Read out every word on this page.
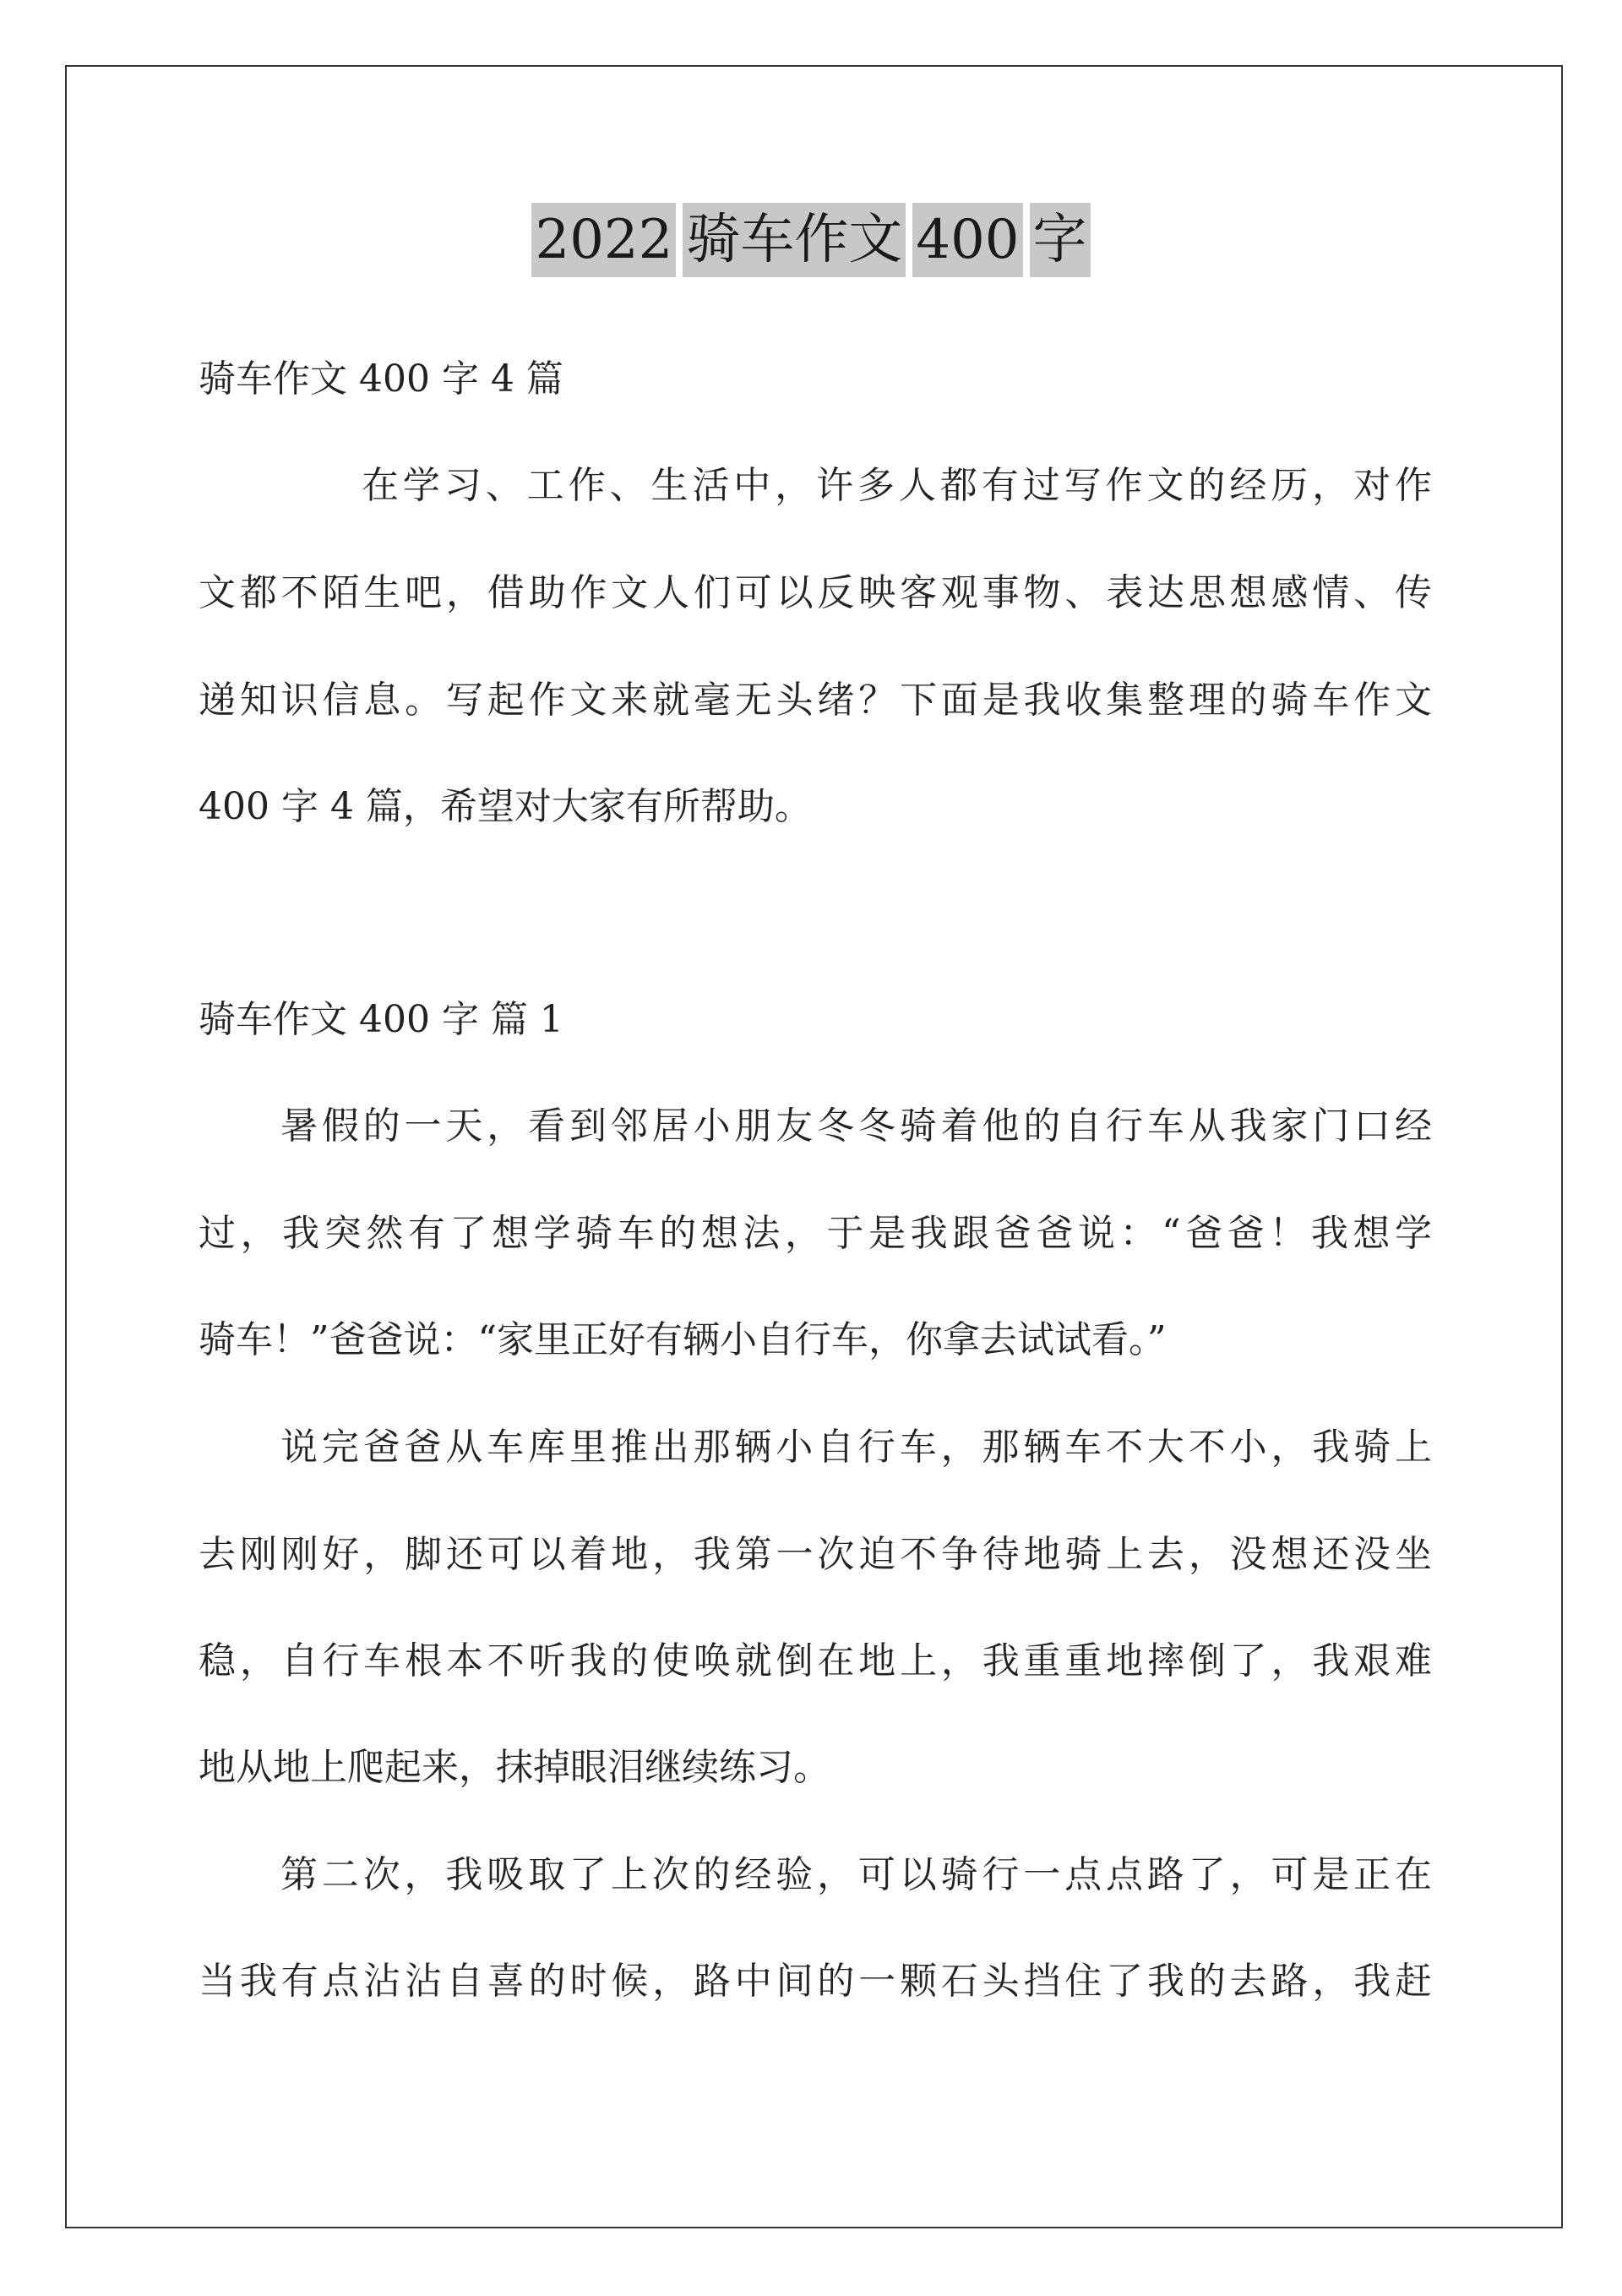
2022 骑车作文 400 字
骑车作文 400 字 4 篇
在学习、工作、生活中，许多人都有过写作文的经历，对作
文都不陌生吧，借助作文人们可以反映客观事物、表达思想感情、传
递知识信息。写起作文来就毫无头绪？下面是我收集整理的骑车作文
400 字 4 篇，希望对大家有所帮助。
骑车作文 400 字 篇 1
暑假的一天，看到邻居小朋友冬冬骑着他的自行车从我家门口经
过，我突然有了想学骑车的想法，于是我跟爸爸说：“爸爸！我想学
骑车！”爸爸说：“家里正好有辆小自行车，你拿去试试看。”
说完爸爸从车库里推出那辆小自行车，那辆车不大不小，我骑上
去刚刚好，脚还可以着地，我第一次迫不争待地骑上去，没想还没坐
稳，自行车根本不听我的使唤就倒在地上，我重重地摔倒了，我艰难
地从地上爬起来，抹掉眼泪继续练习。
第二次，我吸取了上次的经验，可以骑行一点点路了，可是正在
当我有点沾沾自喜的时候，路中间的一颗石头挡住了我的去路，我赶
